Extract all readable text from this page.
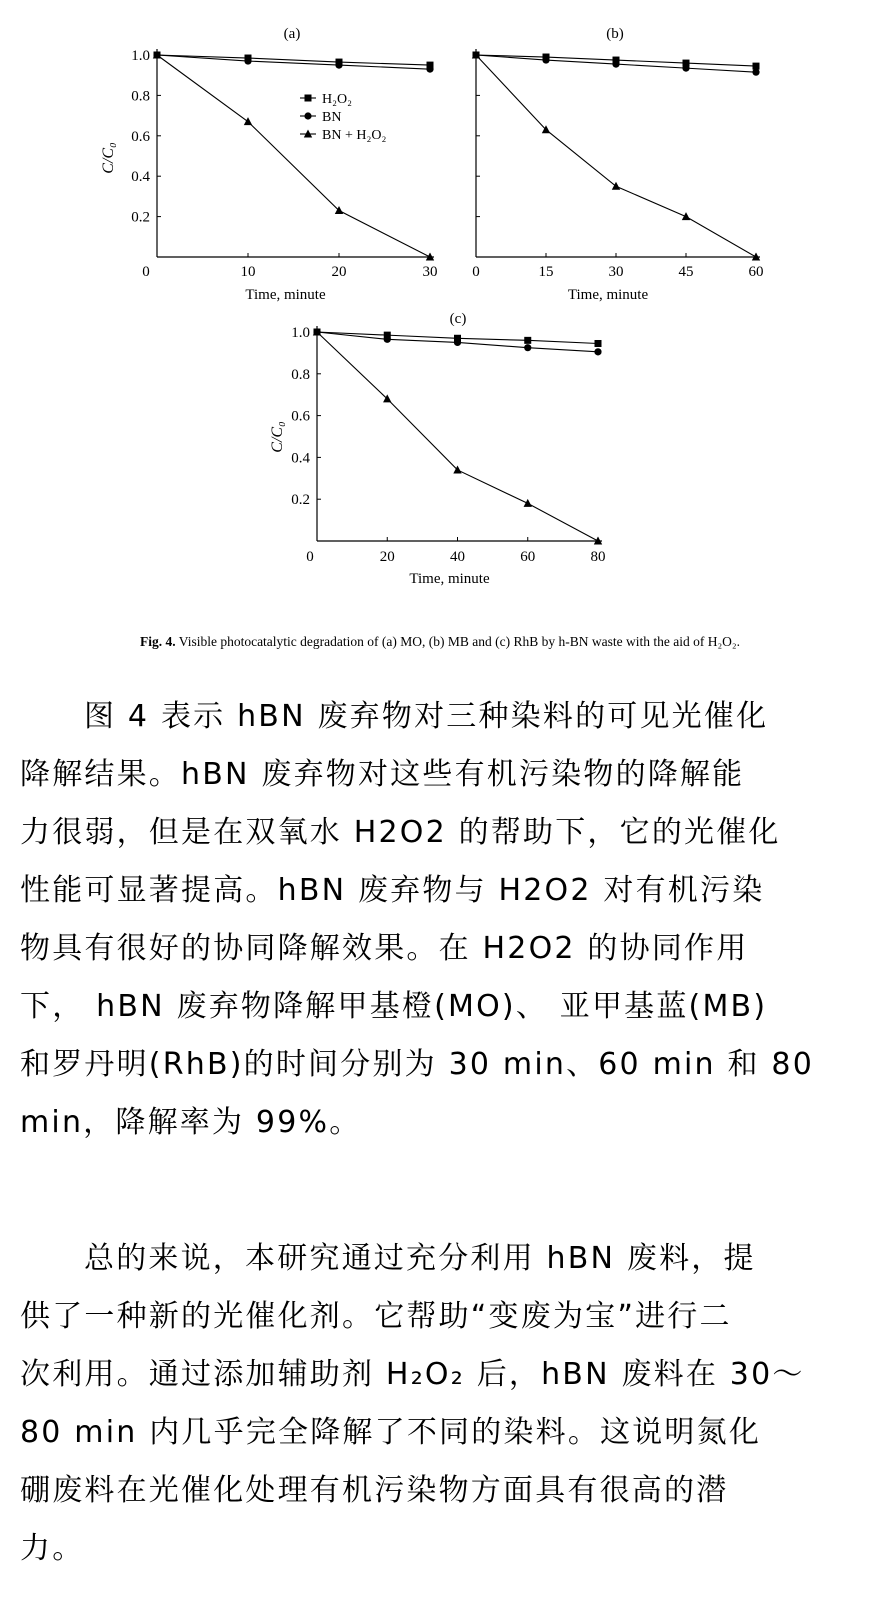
(a)
0.2
0.4
0.6
0.8
1.0
0	10	20	30
Time, minute
C/C₀
H₂O₂
BN
BN + H₂O₂
(b)
0	15	30	45	60
Time, minute
(c)
0.2
0.4
0.6
0.8
1.0
0	20	40	60	80
Time, minute
C/C₀
Fig. 4. Visible photocatalytic degradation of (a) MO, (b) MB and (c) RhB by h-BN waste with the aid of H₂O₂.
图 4 表示 hBN 废弃物对三种染料的可见光催化
降解结果。hBN 废弃物对这些有机污染物的降解能
力很弱，但是在双氧水 H2O2 的帮助下，它的光催化
性能可显著提高。hBN 废弃物与 H2O2 对有机污染
物具有很好的协同降解效果。在 H2O2 的协同作用
下， hBN 废弃物降解甲基橙(MO)、 亚甲基蓝(MB)
和罗丹明(RhB)的时间分别为 30 min、60 min 和 80
min，降解率为 99%。
总的来说，本研究通过充分利用 hBN 废料，提
供了一种新的光催化剂。它帮助“变废为宝”进行二
次利用。通过添加辅助剂 H₂O₂ 后，hBN 废料在 30～
80 min 内几乎完全降解了不同的染料。这说明氮化
硼废料在光催化处理有机污染物方面具有很高的潜
力。
